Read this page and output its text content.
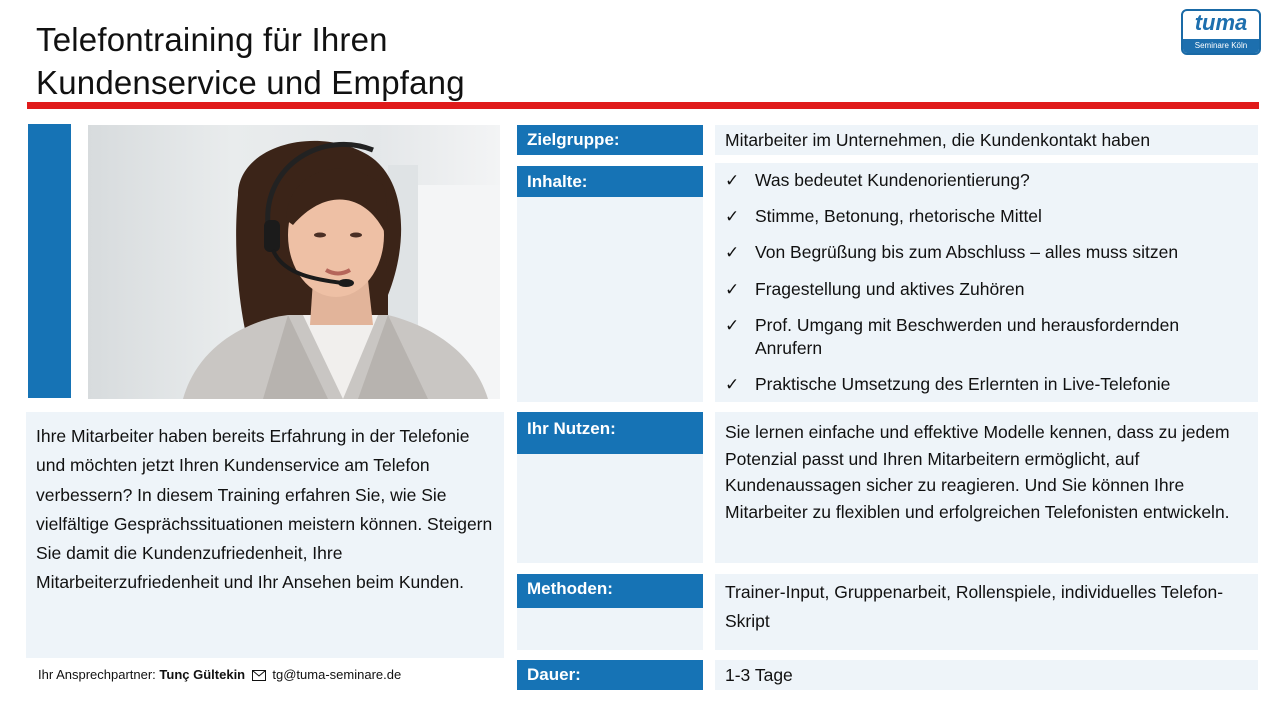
Telefontraining für Ihren
Kundenservice und Empfang
tuma
Seminare Köln
Ihre Mitarbeiter haben bereits Erfahrung in der Telefonie und möchten jetzt Ihren Kundenservice am Telefon verbessern? In diesem Training erfahren Sie, wie Sie vielfältige Gesprächssituationen meistern können. Steigern Sie damit die Kundenzufriedenheit, Ihre Mitarbeiterzufriedenheit und Ihr Ansehen beim Kunden.
Ihr Ansprechpartner: Tunç Gültekin tg@tuma-seminare.de
Zielgruppe:	Mitarbeiter im Unternehmen, die Kundenkontakt haben
Inhalte:	✓ Was bedeutet Kundenorientierung?
✓ Stimme, Betonung, rhetorische Mittel
✓ Von Begrüßung bis zum Abschluss – alles muss sitzen
✓ Fragestellung und aktives Zuhören
✓ Prof. Umgang mit Beschwerden und herausfordernden Anrufern
✓ Praktische Umsetzung des Erlernten in Live-Telefonie
Ihr Nutzen:	Sie lernen einfache und effektive Modelle kennen, dass zu jedem Potenzial passt und Ihren Mitarbeitern ermöglicht, auf Kundenaussagen sicher zu reagieren. Und Sie können Ihre Mitarbeiter zu flexiblen und erfolgreichen Telefonisten entwickeln.
Methoden:	Trainer-Input, Gruppenarbeit, Rollenspiele, individuelles Telefon-Skript
Dauer:	1-3 Tage
